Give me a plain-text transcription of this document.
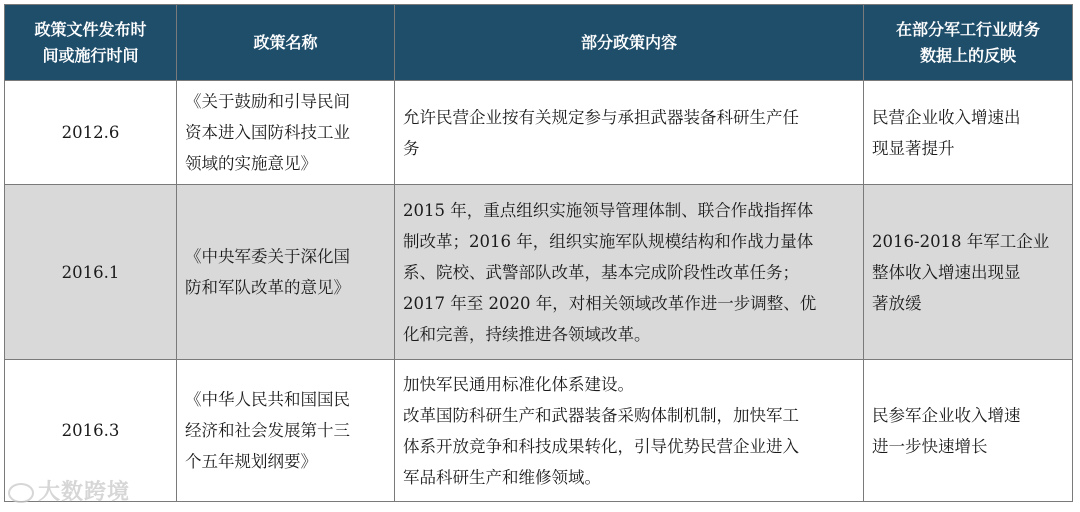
政策文件发布时
间或施行时间	政策名称	部分政策内容	在部分军工行业财务
数据上的反映

2012.6	《关于鼓励和引导民间
资本进入国防科技工业
领域的实施意见》	允许民营企业按有关规定参与承担武器装备科研生产任
务	民营企业收入增速出
现显著提升

2016.1	《中央军委关于深化国
防和军队改革的意见》	2015 年，重点组织实施领导管理体制、联合作战指挥体
制改革；2016 年，组织实施军队规模结构和作战力量体
系、院校、武警部队改革，基本完成阶段性改革任务；
2017 年至 2020 年，对相关领域改革作进一步调整、优
化和完善，持续推进各领域改革。	2016-2018 年军工企业
整体收入增速出现显
著放缓

2016.3	《中华人民共和国国民
经济和社会发展第十三
个五年规划纲要》	加快军民通用标准化体系建设。
改革国防科研生产和武器装备采购体制机制，加快军工
体系开放竞争和科技成果转化，引导优势民营企业进入
军品科研生产和维修领域。	民参军企业收入增速
进一步快速增长
大数跨境
